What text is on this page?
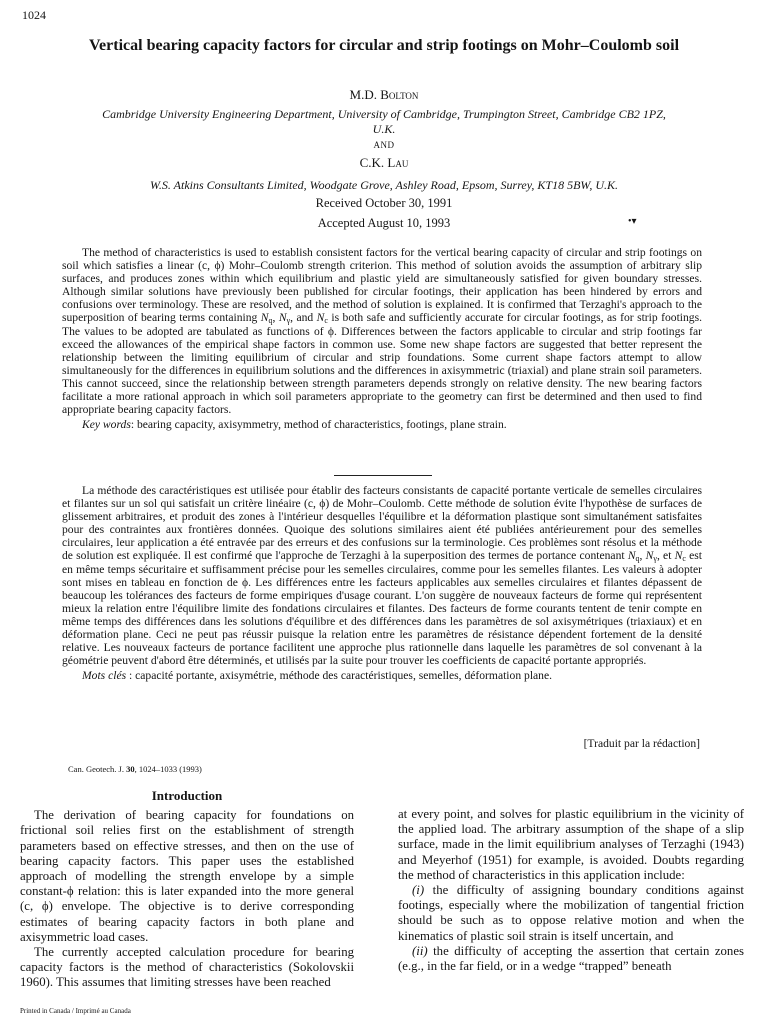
1024
Vertical bearing capacity factors for circular and strip footings on Mohr–Coulomb soil
M.D. Bolton
Cambridge University Engineering Department, University of Cambridge, Trumpington Street, Cambridge CB2 1PZ, U.K.
AND
C.K. Lau
W.S. Atkins Consultants Limited, Woodgate Grove, Ashley Road, Epsom, Surrey, KT18 5BW, U.K.
Received October 30, 1991
Accepted August 10, 1993	•▾

The method of characteristics is used to establish consistent factors for the vertical bearing capacity of circular and strip footings on soil which satisfies a linear (c, ϕ) Mohr–Coulomb strength criterion. This method of solution avoids the assumption of arbitrary slip surfaces, and produces zones within which equilibrium and plastic yield are simultaneously satisfied for given boundary stresses. Although similar solutions have previously been published for circular footings, their application has been hindered by errors and confusions over terminology. These are resolved, and the method of solution is explained. It is confirmed that Terzaghi's approach to the superposition of bearing terms containing $N_q$, $N_\gamma$, and $N_c$ is both safe and sufficiently accurate for circular footings, as for strip footings. The values to be adopted are tabulated as functions of ϕ. Differences between the factors applicable to circular and strip footings far exceed the allowances of the empirical shape factors in common use. Some new shape factors are suggested that better represent the relationship between the limiting equilibrium of circular and strip foundations. Some current shape factors attempt to allow simultaneously for the differences in equilibrium solutions and the differences in axisymmetric (triaxial) and plane strain soil parameters. This cannot succeed, since the relationship between strength parameters depends strongly on relative density. The new bearing factors facilitate a more rational approach in which soil parameters appropriate to the geometry can first be determined and then used to find appropriate bearing capacity factors.

Key words: bearing capacity, axisymmetry, method of characteristics, footings, plane strain.

La méthode des caractéristiques est utilisée pour établir des facteurs consistants de capacité portante verticale de semelles circulaires et filantes sur un sol qui satisfait un critère linéaire (c, ϕ) de Mohr–Coulomb. Cette méthode de solution évite l'hypothèse de surfaces de glissement arbitraires, et produit des zones à l'intérieur desquelles l'équilibre et la déformation plastique sont simultanément satisfaites pour des contraintes aux frontières données. Quoique des solutions similaires aient été publiées antérieurement pour des semelles circulaires, leur application a été entravée par des erreurs et des confusions sur la terminologie. Ces problèmes sont résolus et la méthode de solution est expliquée. Il est confirmé que l'approche de Terzaghi à la superposition des termes de portance contenant $N_q$, $N_\gamma$, et $N_c$ est en même temps sécuritaire et suffisamment précise pour les semelles circulaires, comme pour les semelles filantes. Les valeurs à adopter sont mises en tableau en fonction de ϕ. Les différences entre les facteurs applicables aux semelles circulaires et filantes dépassent de beaucoup les tolérances des facteurs de forme empiriques d'usage courant. L'on suggère de nouveaux facteurs de forme qui représentent mieux la relation entre l'équilibre limite des fondations circulaires et filantes. Des facteurs de forme courants tentent de tenir compte en même temps des différences dans les solutions d'équilibre et des différences dans les paramètres de sol axisymétriques (triaxiaux) et en déformation plane. Ceci ne peut pas réussir puisque la relation entre les paramètres de résistance dépendent fortement de la densité relative. Les nouveaux facteurs de portance facilitent une approche plus rationnelle dans laquelle les paramètres de sol convenant à la géométrie peuvent d'abord être déterminés, et utilisés par la suite pour trouver les coefficients de capacité portante appropriés.

Mots clés : capacité portante, axisymétrie, méthode des caractéristiques, semelles, déformation plane.
[Traduit par la rédaction]
Can. Geotech. J. 30, 1024–1033 (1993)
Introduction

The derivation of bearing capacity for foundations on frictional soil relies first on the establishment of strength parameters based on effective stresses, and then on the use of bearing capacity factors. This paper uses the established approach of modelling the strength envelope by a simple constant-ϕ relation: this is later expanded into the more general (c, ϕ) envelope. The objective is to derive corresponding estimates of bearing capacity factors in both plane and axisymmetric load cases.

The currently accepted calculation procedure for bearing capacity factors is the method of characteristics (Sokolovskii 1960). This assumes that limiting stresses have been reached

at every point, and solves for plastic equilibrium in the vicinity of the applied load. The arbitrary assumption of the shape of a slip surface, made in the limit equilibrium analyses of Terzaghi (1943) and Meyerhof (1951) for example, is avoided. Doubts regarding the method of characteristics in this application include:

(i) the difficulty of assigning boundary conditions against footings, especially where the mobilization of tangential friction should be such as to oppose relative motion and when the kinematics of plastic soil strain is itself uncertain, and

(ii) the difficulty of accepting the assertion that certain zones (e.g., in the far field, or in a wedge “trapped” beneath

Printed in Canada / Imprimé au Canada
